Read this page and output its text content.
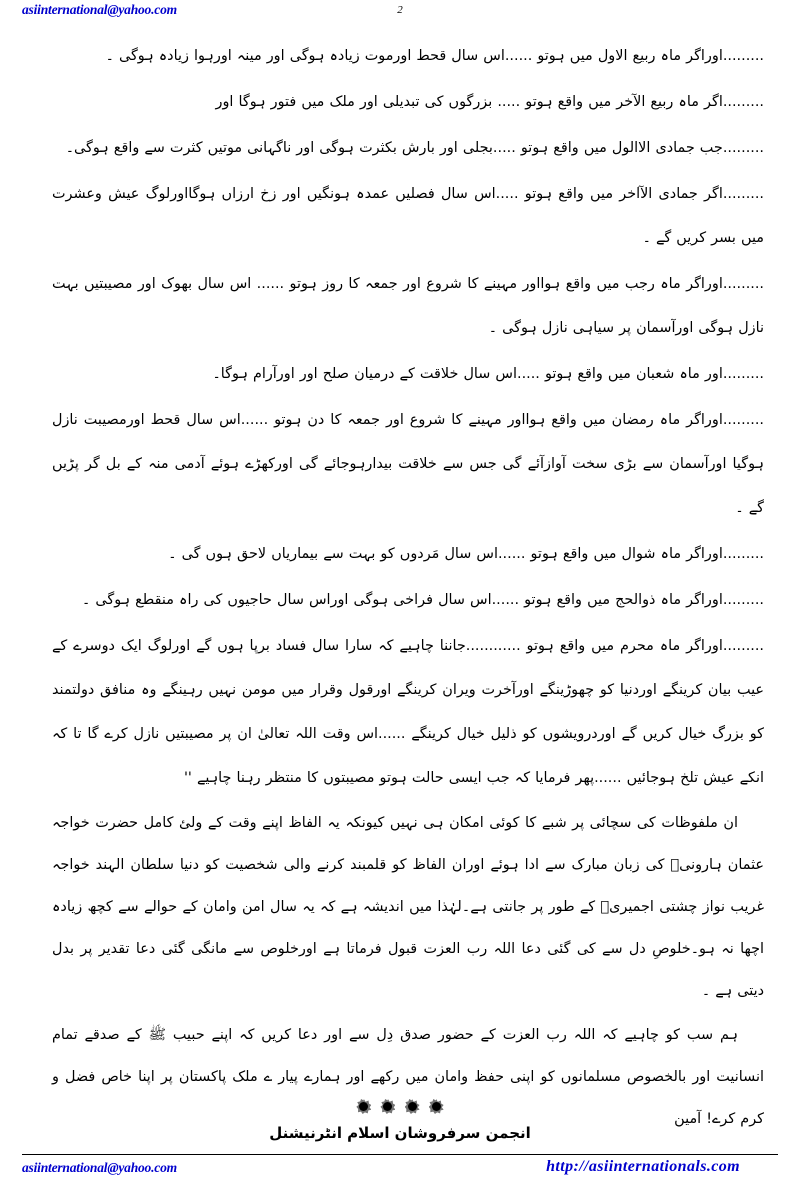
asiinternational@yahoo.com	2

.........اوراگر ماہ ربیع الاول میں ہوتو ......اس سال قحط اورموت زیادہ ہوگی اور مینہ اورہوا زیادہ ہوگی ۔

.........اگر ماہ ربیع الآخر میں واقع ہوتو ..... بزرگوں کی تبدیلی اور ملک میں فتور ہوگا اور

.........جب جمادی الاالول میں واقع ہوتو .....بجلی اور بارش بکثرت ہوگی اور ناگہانی موتیں کثرت سے واقع ہوگی۔

.........اگر جمادی الآاخر میں واقع ہوتو .....اس سال فصلیں عمدہ ہونگیں اور زخ ارزاں ہوگااورلوگ عیش وعشرت میں بسر کریں گے ۔

.........اوراگر ماہ رجب میں واقع ہوااور مہینے کا شروع اور جمعہ کا روز ہوتو ...... اس سال بھوک اور مصیبتیں بہت نازل ہوگی اورآسمان پر سیاہی نازل ہوگی ۔

.........اور ماہ شعبان میں واقع ہوتو .....اس سال خلاقت کے درمیان صلح اور اورآرام ہوگا۔

.........اوراگر ماہ رمضان میں واقع ہوااور مہینے کا شروع اور جمعہ کا دن ہوتو ......اس سال قحط اورمصیبت نازل ہوگیا اورآسمان سے بڑی سخت آوازآئے گی جس سے خلاقت بیدارہوجائے گی اورکھڑے ہوئے آدمی منہ کے بل گر پڑیں گے ۔

.........اوراگر ماہ شوال میں واقع ہوتو ......اس سال مَردوں کو بہت سے بیماریاں لاحق ہوں گی ۔

.........اوراگر ماہ ذوالحج میں واقع ہوتو ......اس سال فراخی ہوگی اوراس سال حاجیوں کی راہ منقطع ہوگی ۔

.........اوراگر ماہ محرم میں واقع ہوتو ............جاننا چاہیے کہ سارا سال فساد برپا ہوں گے اورلوگ ایک دوسرے کے عیب بیان کرینگے اوردنیا کو چھوڑینگے اورآخرت ویران کرینگے اورقول وقرار میں مومن نہیں رہینگے وہ منافق دولتمند کو بزرگ خیال کریں گے اوردرویشوں کو ذلیل خیال کرینگے ......اس وقت اللہ تعالیٰ ان پر مصیبتیں نازل کرے گا تا کہ انکے عیش تلخ ہوجائیں ......پھر فرمایا کہ جب ایسی حالت ہوتو مصیبتوں کا منتظر رہنا چاہیے ''

ان ملفوظات کی سچائی پر شبے کا کوئی امکان ہی نہیں کیونکہ یہ الفاظ اپنے وقت کے ولئ کامل حضرت خواجہ عثمان ہارونیؒ کی زبان مبارک سے ادا ہوئے اوران الفاظ کو قلمبند کرنے والی شخصیت کو دنیا سلطان الہند خواجہ غریب نواز چشتی اجمیریؒ کے طور پر جانتی ہے۔لہٰذا میں اندیشہ ہے کہ یہ سال امن وامان کے حوالے سے کچھ زیادہ اچھا نہ ہو۔خلوصِ دل سے کی گئی دعا اللہ رب العزت قبول فرماتا ہے اورخلوص سے مانگی گئی دعا تقدیر پر بدل دیتی ہے ۔

ہم سب کو چاہیے کہ اللہ رب العزت کے حضور صدق دِل سے اور دعا کریں کہ اپنے حبیب ﷺ کے صدقے تمام انسانیت اور بالخصوص مسلمانوں کو اپنی حفظ وامان میں رکھے اور ہمارے پیار ے ملک پاکستان پر اپنا خاص فضل و کرم کرے! آمین

انجمن سرفروشان اسلام انٹرنیشنل
asiinternational@yahoo.com	http://asiinternationals.com
